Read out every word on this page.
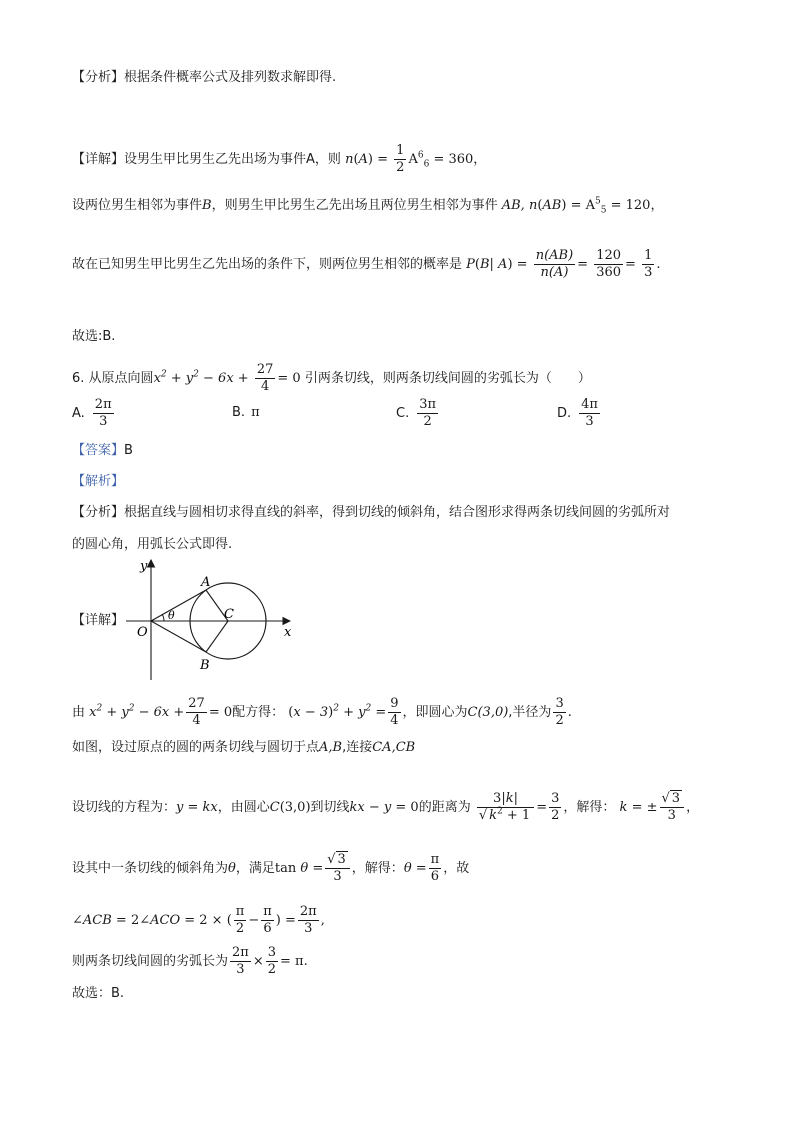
【分析】根据条件概率公式及排列数求解即得.
【详解】设男生甲比男生乙先出场为事件A，则 $n(A) = \frac{1}{2} A^6_6 = 360$，
设两位男生相邻为事件B，则男生甲比男生乙先出场且两位男生相邻为事件 AB, $n(AB) = A^5_5 = 120$，
故在已知男生甲比男生乙先出场的条件下，则两位男生相邻的概率是 P(B| $A) = \frac{n(AB)}{n(A)} = \frac{120}{360} = \frac{1}{3}$ .
故选:B.
6. 从原点向圆$x^2 + y^2 - 6x + \frac{27}{4} = 0$ 引两条切线，则两条切线间圆的劣弧长为（　　）
A. $\frac{2\pi}{3}$	B. π	C. $\frac{3\pi}{2}$	D. $\frac{4\pi}{3}$
【答案】B
【解析】
【分析】根据直线与圆相切求得直线的斜率，得到切线的倾斜角，结合图形求得两条切线间圆的劣弧所对
的圆心角，用弧长公式即得.
【详解】
y
x
O
A
B
C
θ
由 $x^2 + y^2 - 6x + \frac{27}{4} = 0$配方得： $(x - 3)^2 + y^2 = \frac{9}{4}$ ，即圆心为C(3,0),半径为 $\frac{3}{2}$ .
如图，设过原点的圆的两条切线与圆切于点A,B,连接CA,CB
设切线的方程为：y = kx，由圆心C(3,0)到切线kx − y = 0的距离为 $\frac{3|k|}{√ k^2 + 1} = \frac{3}{2}$ ，解得： k = ± $\frac{√ 3}{3}$ ，
设其中一条切线的倾斜角为θ，满足$\tan \theta = \frac{√ 3}{3}$ ，解得：$\theta = \frac{\pi}{6}$ ，故
∠ACB = 2∠ACO = 2 × ( $\frac{\pi}{2} - \frac{\pi}{6}$ ) = $\frac{2\pi}{3}$ ,
则两条切线间圆的劣弧长为 $\frac{2\pi}{3} \times \frac{3}{2} = \pi$.
故选：B.
